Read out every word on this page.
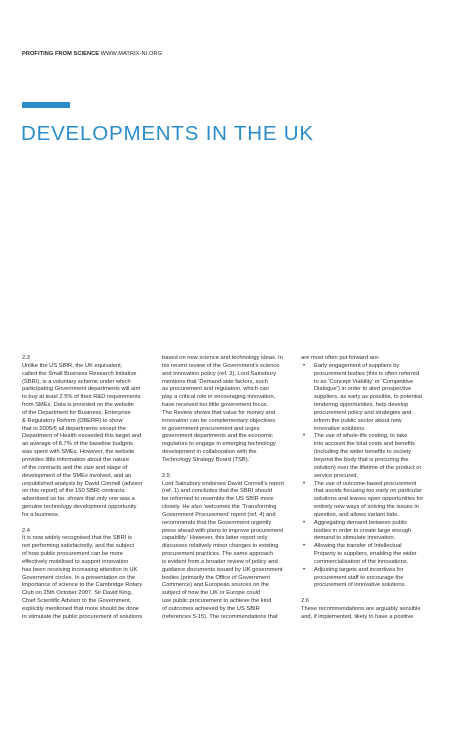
PROFITING FROM SCIENCE WWW.MATRIX-NI.ORG
DEVELOPMENTS IN THE UK

2.3
Unlike the US SBIR, the UK equivalent,
called the Small Business Research Initiative
(SBRI), is a voluntary scheme under which
participating Government departments will aim
to buy at least 2.5% of their R&D requirements
from SMEs. Data is provided on the website
of the Department for Business, Enterprise
& Regulatory Reform (DBERR) to show
that in 2005/6 all departments except the
Department of Health exceeded this target and
an average of 8.7% of the baseline budgets
was spent with SMEs. However, the website
provides little information about the nature
of the contracts and the size and stage of
development of the SMEs involved, and an
unpublished analysis by David Connell (advisor
on this report) of the 150 SBRI contracts
advertised so far, shows that only one was a
genuine technology development opportunity
for a business.

2.4
It is now widely recognised that the SBRI is
not performing satisfactorily, and the subject
of how public procurement can be more
effectively mobilised to support innovation
has been receiving increasing attention in UK
Government circles. In a presentation on the
importance of science to the Cambridge Rotary
Club on 25th October 2007, Sir David King,
Chief Scientific Advisor to the Government,
explicitly mentioned that more should be done
to stimulate the public procurement of solutions

based on new science and technology ideas. In
his recent review of the Government’s science
and innovation policy (ref. 3), Lord Sainsbury
mentions that ‘Demand-side factors, such
as procurement and regulation, which can
play a critical role in encouraging innovation,
have received too little government focus.
The Review shows that value for money and
innovation can be complementary objectives
in government procurement and urges
government departments and the economic
regulators to engage in emerging technology
development in collaboration with the
Technology Strategy Board (TSB).’

2.5
Lord Sainsbury endorses David Connell’s report
(ref. 1) and concludes that the SBRI should
be reformed to resemble the US SBIR more
closely. He also ‘welcomes the ‘Transforming
Government Procurement’ report (ref. 4) and
recommends that the Government urgently
press ahead with plans to improve procurement
capability.’ However, this latter report only
discusses relatively minor changes to existing
procurement practices. The same approach
is evident from a broader review of policy and
guidance documents issued by UK government
bodies (primarily the Office of Government
Commerce) and European sources on the
subject of how the UK or Europe could
use public procurement to achieve the kind
of outcomes achieved by the US SBIR
(references 5-15). The recommendations that

are most often put forward are:
• Early engagement of suppliers by
procurement bodies (this is often referred
to as ‘Concept Viability’ or ‘Competitive
Dialogue’) in order to alert prospective
suppliers, as early as possible, to potential
tendering opportunities, help develop
procurement policy and strategies and
inform the public sector about new
innovative solutions.
• The use of whole-life costing, to take
into account the total costs and benefits
(including the wider benefits to society
beyond the body that is procuring the
solution) over the lifetime of the product or
service procured.
• The use of outcome-based procurement
that avoids focusing too early on particular
solutions and leaves open opportunities for
entirely new ways of solving the issues in
question, and allows variant bids.
• Aggregating demand between public
bodies in order to create large enough
demand to stimulate innovation.
• Allowing the transfer of Intellectual
Property to suppliers, enabling the wider
commercialisation of the innovations.
• Adjusting targets and incentives for
procurement staff to encourage the
procurement of innovative solutions.

2.6
These recommendations are arguably sensible
and, if implemented, likely to have a positive
